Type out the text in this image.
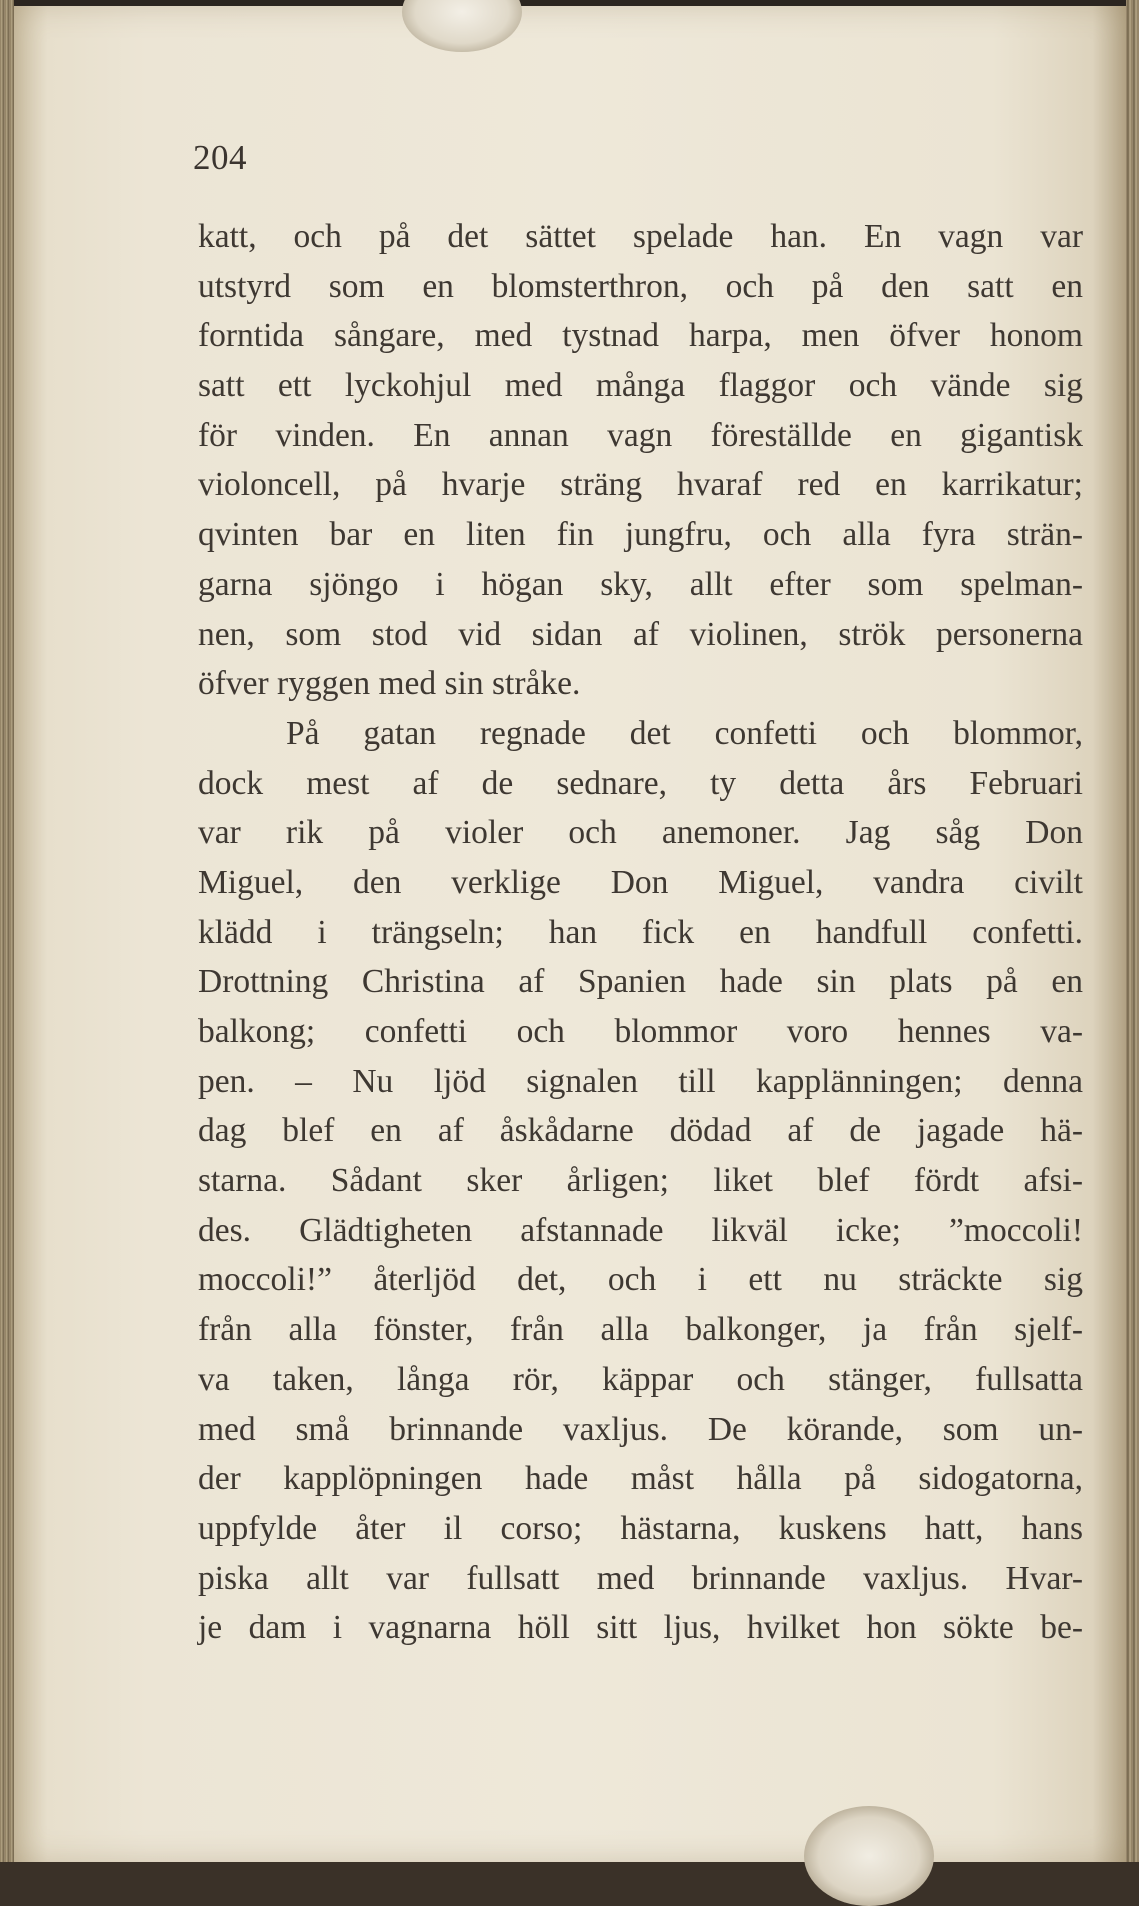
204
katt, och på det sättet spelade han. En vagn var
utstyrd som en blomsterthron, och på den satt en
forntida sångare, med tystnad harpa, men öfver honom
satt ett lyckohjul med många flaggor och vände sig
för vinden. En annan vagn föreställde en gigantisk
violoncell, på hvarje sträng hvaraf red en karrikatur;
qvinten bar en liten fin jungfru, och alla fyra strän-
garna sjöngo i högan sky, allt efter som spelman-
nen, som stod vid sidan af violinen, strök personerna
öfver ryggen med sin stråke.
På gatan regnade det confetti och blommor,
dock mest af de sednare, ty detta års Februari
var rik på violer och anemoner. Jag såg Don
Miguel, den verklige Don Miguel, vandra civilt
klädd i trängseln; han fick en handfull confetti.
Drottning Christina af Spanien hade sin plats på en
balkong; confetti och blommor voro hennes va-
pen. – Nu ljöd signalen till kapplänningen; denna
dag blef en af åskådarne dödad af de jagade hä-
starna. Sådant sker årligen; liket blef fördt afsi-
des. Glädtigheten afstannade likväl icke; ”moccoli!
moccoli!” återljöd det, och i ett nu sträckte sig
från alla fönster, från alla balkonger, ja från sjelf-
va taken, långa rör, käppar och stänger, fullsatta
med små brinnande vaxljus. De körande, som un-
der kapplöpningen hade måst hålla på sidogatorna,
uppfylde åter il corso; hästarna, kuskens hatt, hans
piska allt var fullsatt med brinnande vaxljus. Hvar-
je dam i vagnarna höll sitt ljus, hvilket hon sökte be-
